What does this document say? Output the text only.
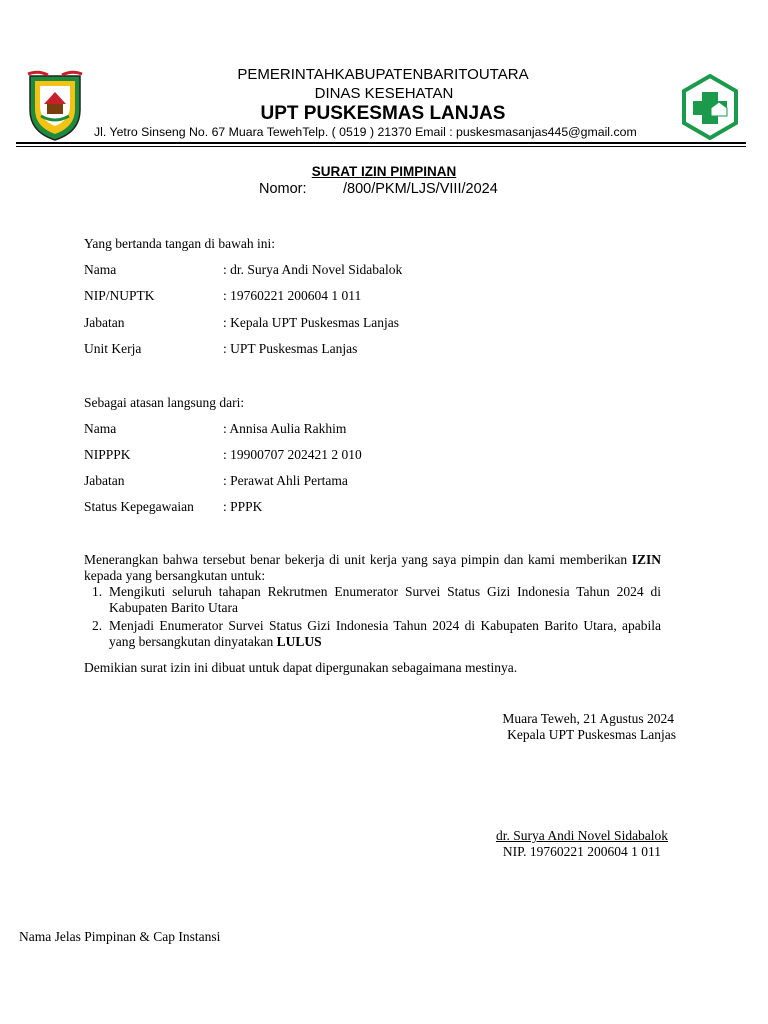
PEMERINTAHKABUPATENBARITOUTARA
DINAS KESEHATAN
UPT PUSKESMAS LANJAS
Jl. Yetro Sinseng No. 67 Muara TewehTelp. ( 0519 ) 21370 Email : puskesmasanjas445@gmail.com
SURAT IZIN PIMPINAN
Nomor:	/800/PKM/LJS/VIII/2024
Yang bertanda tangan di bawah ini:
Nama	: dr. Surya Andi Novel Sidabalok
NIP/NUPTK	: 19760221 200604 1 011
Jabatan	: Kepala UPT Puskesmas Lanjas
Unit Kerja	: UPT Puskesmas Lanjas
Sebagai atasan langsung dari:
Nama	: Annisa Aulia Rakhim
NIPPPK	: 19900707 202421 2 010
Jabatan	: Perawat Ahli Pertama
Status Kepegawaian : PPPK
Menerangkan bahwa tersebut benar bekerja di unit kerja yang saya pimpin dan kami memberikan IZIN kepada yang bersangkutan untuk:
1. Mengikuti seluruh tahapan Rekrutmen Enumerator Survei Status Gizi Indonesia Tahun 2024 di Kabupaten Barito Utara
2. Menjadi Enumerator Survei Status Gizi Indonesia Tahun 2024 di Kabupaten Barito Utara, apabila yang bersangkutan dinyatakan LULUS
Demikian surat izin ini dibuat untuk dapat dipergunakan sebagaimana mestinya.
Muara Teweh, 21 Agustus 2024
Kepala UPT Puskesmas Lanjas
dr. Surya Andi Novel Sidabalok
NIP. 19760221 200604 1 011
Nama Jelas Pimpinan & Cap Instansi
